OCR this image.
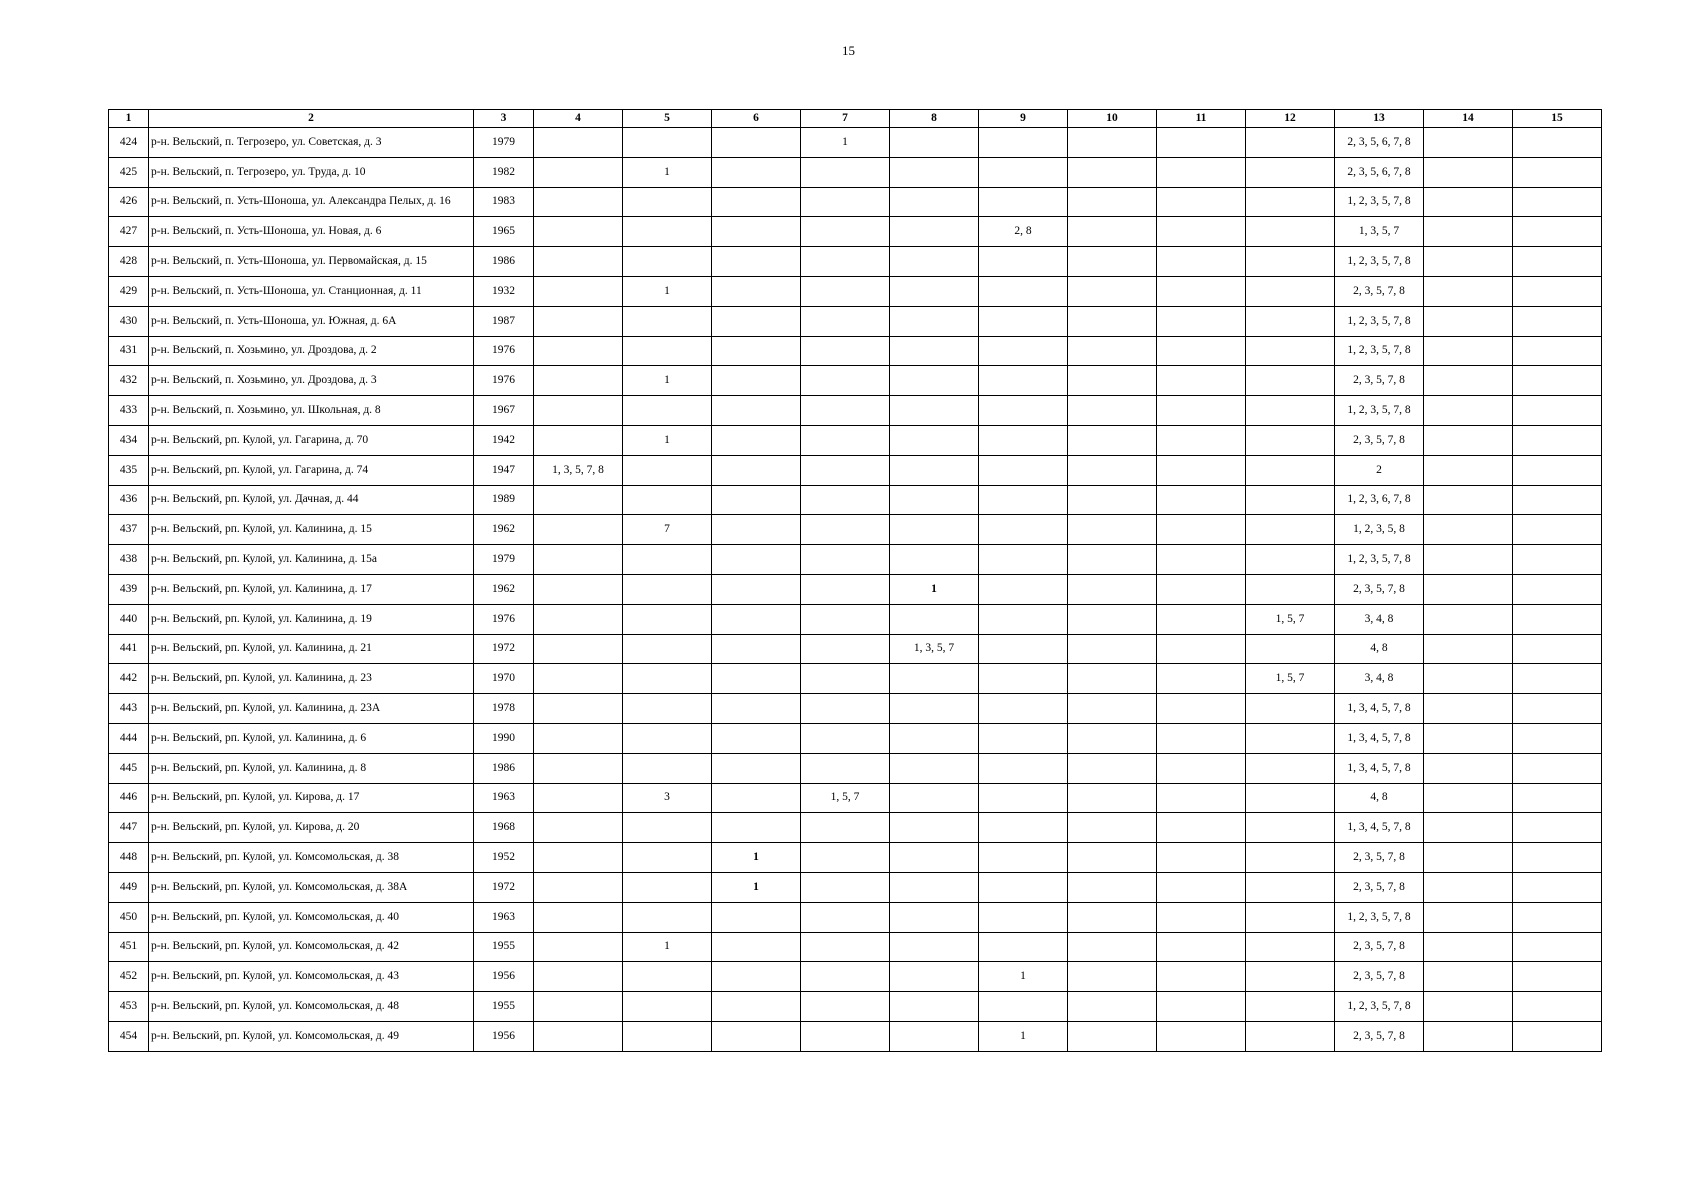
15
1	2	3	4	5	6	7	8	9	10	11	12	13	14	15
424	р-н. Вельский, п. Тегрозеро, ул. Советская, д. 3	1979				1						2, 3, 5, 6, 7, 8		
425	р-н. Вельский, п. Тегрозеро, ул. Труда, д. 10	1982		1								2, 3, 5, 6, 7, 8		
426	р-н. Вельский, п. Усть-Шоноша, ул. Александра Пелых, д. 16	1983										1, 2, 3, 5, 7, 8		
427	р-н. Вельский, п. Усть-Шоноша, ул. Новая, д. 6	1965						2, 8				1, 3, 5, 7		
428	р-н. Вельский, п. Усть-Шоноша, ул. Первомайская, д. 15	1986										1, 2, 3, 5, 7, 8		
429	р-н. Вельский, п. Усть-Шоноша, ул. Станционная, д. 11	1932		1								2, 3, 5, 7, 8		
430	р-н. Вельский, п. Усть-Шоноша, ул. Южная, д. 6А	1987										1, 2, 3, 5, 7, 8		
431	р-н. Вельский, п. Хозьмино, ул. Дроздова, д. 2	1976										1, 2, 3, 5, 7, 8		
432	р-н. Вельский, п. Хозьмино, ул. Дроздова, д. 3	1976		1								2, 3, 5, 7, 8		
433	р-н. Вельский, п. Хозьмино, ул. Школьная, д. 8	1967										1, 2, 3, 5, 7, 8		
434	р-н. Вельский, рп. Кулой, ул. Гагарина, д. 70	1942		1								2, 3, 5, 7, 8		
435	р-н. Вельский, рп. Кулой, ул. Гагарина, д. 74	1947	1, 3, 5, 7, 8									2		
436	р-н. Вельский, рп. Кулой, ул. Дачная, д. 44	1989										1, 2, 3, 6, 7, 8		
437	р-н. Вельский, рп. Кулой, ул. Калинина, д. 15	1962		7								1, 2, 3, 5, 8		
438	р-н. Вельский, рп. Кулой, ул. Калинина, д. 15а	1979										1, 2, 3, 5, 7, 8		
439	р-н. Вельский, рп. Кулой, ул. Калинина, д. 17	1962					1					2, 3, 5, 7, 8		
440	р-н. Вельский, рп. Кулой, ул. Калинина, д. 19	1976									1, 5, 7	3, 4, 8		
441	р-н. Вельский, рп. Кулой, ул. Калинина, д. 21	1972					1, 3, 5, 7					4, 8		
442	р-н. Вельский, рп. Кулой, ул. Калинина, д. 23	1970									1, 5, 7	3, 4, 8		
443	р-н. Вельский, рп. Кулой, ул. Калинина, д. 23А	1978										1, 3, 4, 5, 7, 8		
444	р-н. Вельский, рп. Кулой, ул. Калинина, д. 6	1990										1, 3, 4, 5, 7, 8		
445	р-н. Вельский, рп. Кулой, ул. Калинина, д. 8	1986										1, 3, 4, 5, 7, 8		
446	р-н. Вельский, рп. Кулой, ул. Кирова, д. 17	1963		3		1, 5, 7						4, 8		
447	р-н. Вельский, рп. Кулой, ул. Кирова, д. 20	1968										1, 3, 4, 5, 7, 8		
448	р-н. Вельский, рп. Кулой, ул. Комсомольская, д. 38	1952			1							2, 3, 5, 7, 8		
449	р-н. Вельский, рп. Кулой, ул. Комсомольская, д. 38А	1972			1							2, 3, 5, 7, 8		
450	р-н. Вельский, рп. Кулой, ул. Комсомольская, д. 40	1963										1, 2, 3, 5, 7, 8		
451	р-н. Вельский, рп. Кулой, ул. Комсомольская, д. 42	1955		1								2, 3, 5, 7, 8		
452	р-н. Вельский, рп. Кулой, ул. Комсомольская, д. 43	1956						1				2, 3, 5, 7, 8		
453	р-н. Вельский, рп. Кулой, ул. Комсомольская, д. 48	1955										1, 2, 3, 5, 7, 8		
454	р-н. Вельский, рп. Кулой, ул. Комсомольская, д. 49	1956						1				2, 3, 5, 7, 8		
